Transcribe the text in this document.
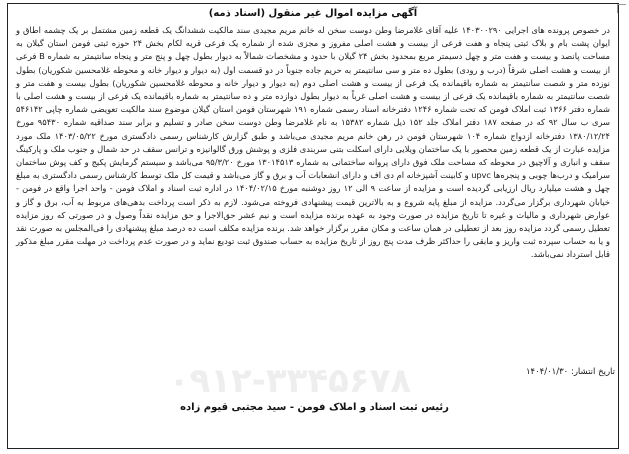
آگهی مزایده اموال غیر منقول (اسناد ذمه)
در خصوص پرونده های اجرایی ۱۴۰۳۰۰۲۹۰ علیه آقای غلامرضا وطن دوست سخن له خانم مریم مجیدی سند مالکیت ششدانگ یک قطعه زمین مشتمل بر یک چشمه اطاق و ایوان پشت بام و بلاک ثبتی پنجاه و هفت فرعی از بیست و هشت اصلی مفروز و مجزی شده از شماره یک فرعی قریه لکام بخش ۲۴ حوزه ثبتی فومن استان گیلان به مساحت پانصد و بیست و هفت متر و چهل دسیمتر مربع بمحدود بخش ۲۴ گیلان با حدود و مشخصات شمالاً به دیوار بطول چهل و پنج متر و پنجاه سانتیمتر به شماره B فرعی از بیست و هشت اصلی شرقاً (درب و رودی) بطول ده متر و سی سانتیمتر به حریم جاده جنوباً در دو قسمت اول (به دیوار و دیوار خانه و محوطه غلامحسین شکوریان) بطول نوزده متر و شصت سانتیمتر به شماره باقیمانده یک فرعی از بیست و هشت اصلی دوم (به دیوار و دیوار خانه و محوطه غلامحسین شکوریان) بطول بیست و هفت متر و شصت سانتیمتر به شماره باقیمانده یک فرعی از بیست و هشت اصلی غرباً به دیوار بطول دوازده متر و ده سانتیمتر به شماره باقیمانده یک فرعی از بیست و هشت اصلی با شماره دفتر ۱۳۶۶ ثبت املاک فومن که تحت شماره ۱۲۴۶ دفترخانه اسناد رسمی شماره ۱۹۱ شهرستان فومن استان گیلان موضوع سند مالکیت تعویضی شماره چاپی ۵۴۶۱۴۲ سری ب سال ۹۲ که در صفحه ۱۸۷ دفتر املاک جلد ۱۵۲ ذیل شماره ۱۵۳۸۲ به نام غلامرضا وطن دوست سخن صادر و تسلیم و برابر سند صداقیه شماره ۹۵۴۳۰ مورخ ۱۳۸۰/۱۲/۲۴ دفترخانه ازدواج شماره ۱۰۴ شهرستان فومن در رهن خانم مریم مجیدی می‌باشد و طبق گزارش کارشناس رسمی دادگستری مورخ ۱۴۰۳/۰۵/۲۲ ملک مورد مزایده عبارت از یک قطعه زمین محصور با یک ساختمان ویلایی دارای اسکلت بتنی سربندی فلزی و پوشش ورق گالوانیزه و ترانس سقف در حد شمال و جنوب ملک و پارکینگ سقف و انباری و آلاچیق در محوطه که مساحت ملک فوق دارای پروانه ساختمانی به شماره ۱۳۰۱۴۵۱۳ مورخ ۹۵/۳/۲۰ می‌باشد و سیستم گرمایش پکیج و کف پوش ساختمان سرامیک و درب‌ها چوبی و پنجره‌ها upvc و کابینت آشپزخانه ام دی اف و دارای انشعابات آب و برق و گاز می‌باشد و قیمت کل ملک توسط کارشناس رسمی دادگستری به مبلغ چهل و هشت میلیارد ریال ارزیابی گردیده است و مزایده از ساعت ۹ الی ۱۲ روز دوشنبه مورخ ۱۴۰۴/۰۲/۱۵ در اداره ثبت اسناد و املاک فومن - واحد اجرا واقع در فومن - خیابان شهرداری برگزار می‌گردد. مزایده از مبلغ پایه شروع و به بالاترین قیمت پیشنهادی فروخته می‌شود. لازم به ذکر است پرداخت بدهی‌های مربوط به آب، برق و گاز و عوارض شهرداری و مالیات و غیره تا تاریخ مزایده در صورت وجود به عهده برنده مزایده است و نیم عشر حق‌الاجرا و حق مزایده نقداً وصول و در صورتی که روز مزایده تعطیل رسمی گردد مزایده روز بعد از تعطیلی در همان ساعت و مکان مقرر برگزار خواهد شد. برنده مزایده مکلف است ده درصد مبلغ پیشنهادی را فی‌المجلس به صورت نقد و یا به حساب سپرده ثبت واریز و مابقی را حداکثر ظرف مدت پنج روز از تاریخ مزایده به حساب صندوق ثبت تودیع نماید و در صورت عدم پرداخت در مهلت مقرر مبلغ مذکور قابل استرداد نمی‌باشد.
۰۹۱۲-۳۳۴۵۶۷۸	تاریخ انتشار: ۱۴۰۴/۰۱/۳۰
رئیس ثبت اسناد و املاک فومن - سید مجتبی قیوم زاده
